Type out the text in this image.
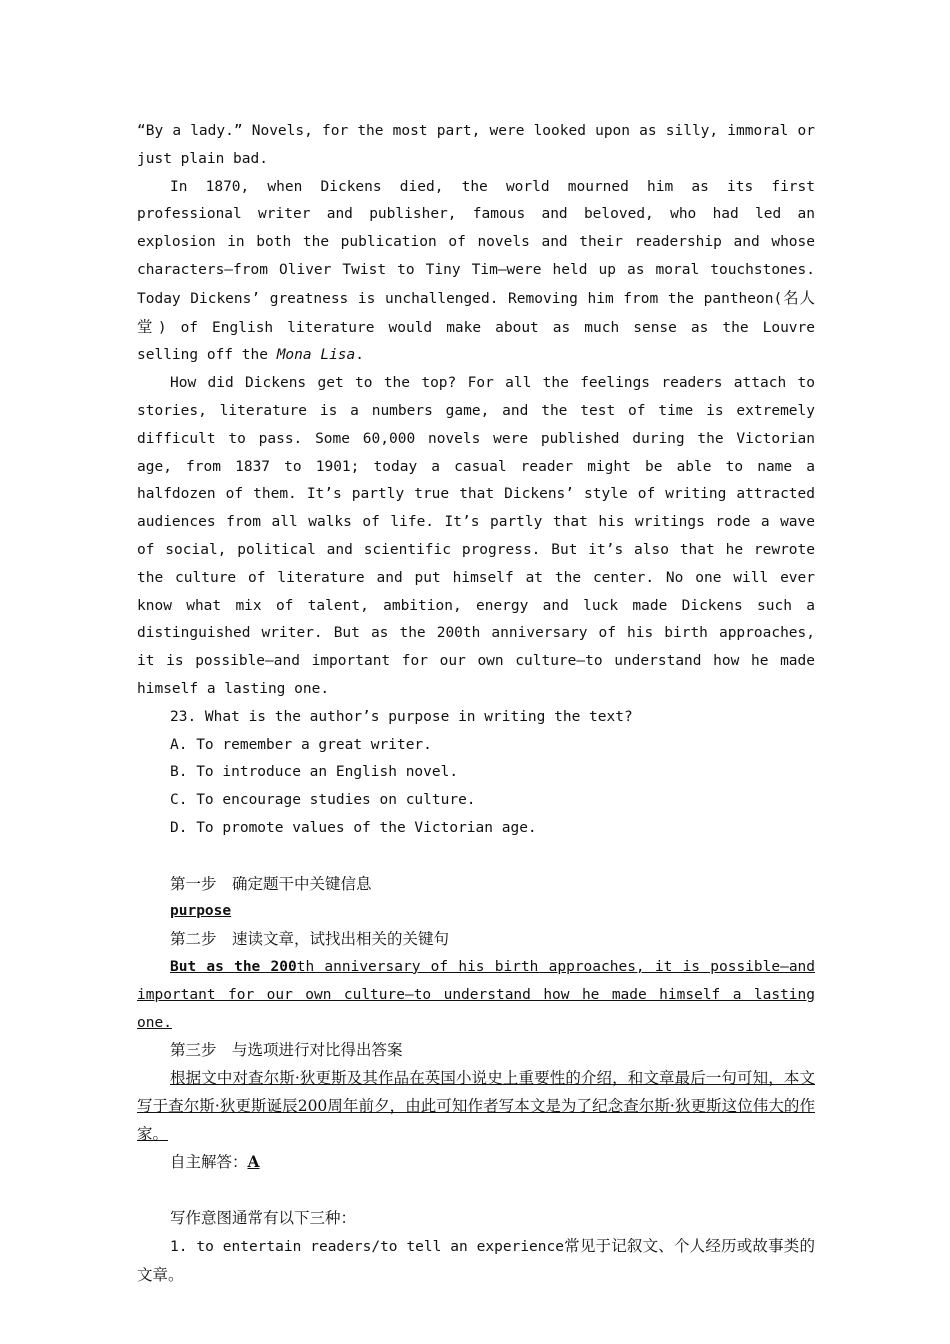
“By a lady.” Novels, for the most part, were looked upon as silly, immoral or just plain bad.

In 1870, when Dickens died, the world mourned him as its first professional writer and publisher, famous and beloved, who had led an explosion in both the publication of novels and their readership and whose characters—from Oliver Twist to Tiny Tim—were held up as moral touchstones. Today Dickens’ greatness is unchallenged. Removing him from the pantheon(名人堂) of English literature would make about as much sense as the Louvre selling off the Mona Lisa.

How did Dickens get to the top? For all the feelings readers attach to stories, literature is a numbers game, and the test of time is extremely difficult to pass. Some 60,000 novels were published during the Victorian age, from 1837 to 1901; today a casual reader might be able to name a halfdozen of them. It’s partly true that Dickens’ style of writing attracted audiences from all walks of life. It’s partly that his writings rode a wave of social, political and scientific progress. But it’s also that he rewrote the culture of literature and put himself at the center. No one will ever know what mix of talent, ambition, energy and luck made Dickens such a distinguished writer. But as the 200th anniversary of his birth approaches, it is possible—and important for our own culture—to understand how he made himself a lasting one.

23. What is the author’s purpose in writing the text?

A. To remember a great writer.

B. To introduce an English novel.

C. To encourage studies on culture.

D. To promote values of the Victorian age.

第一步　确定题干中关键信息

purpose

第二步　速读文章，试找出相关的关键句

But as the 200th anniversary of his birth approaches, it is possible—and important for our own culture—to understand how he made himself a lasting one.

第三步　与选项进行对比得出答案

根据文中对查尔斯·狄更斯及其作品在英国小说史上重要性的介绍，和文章最后一句可知，本文写于查尔斯·狄更斯诞辰200周年前夕，由此可知作者写本文是为了纪念查尔斯·狄更斯这位伟大的作家。

自主解答：A

写作意图通常有以下三种：

1. to entertain readers/to tell an experience常见于记叙文、个人经历或故事类的文章。
